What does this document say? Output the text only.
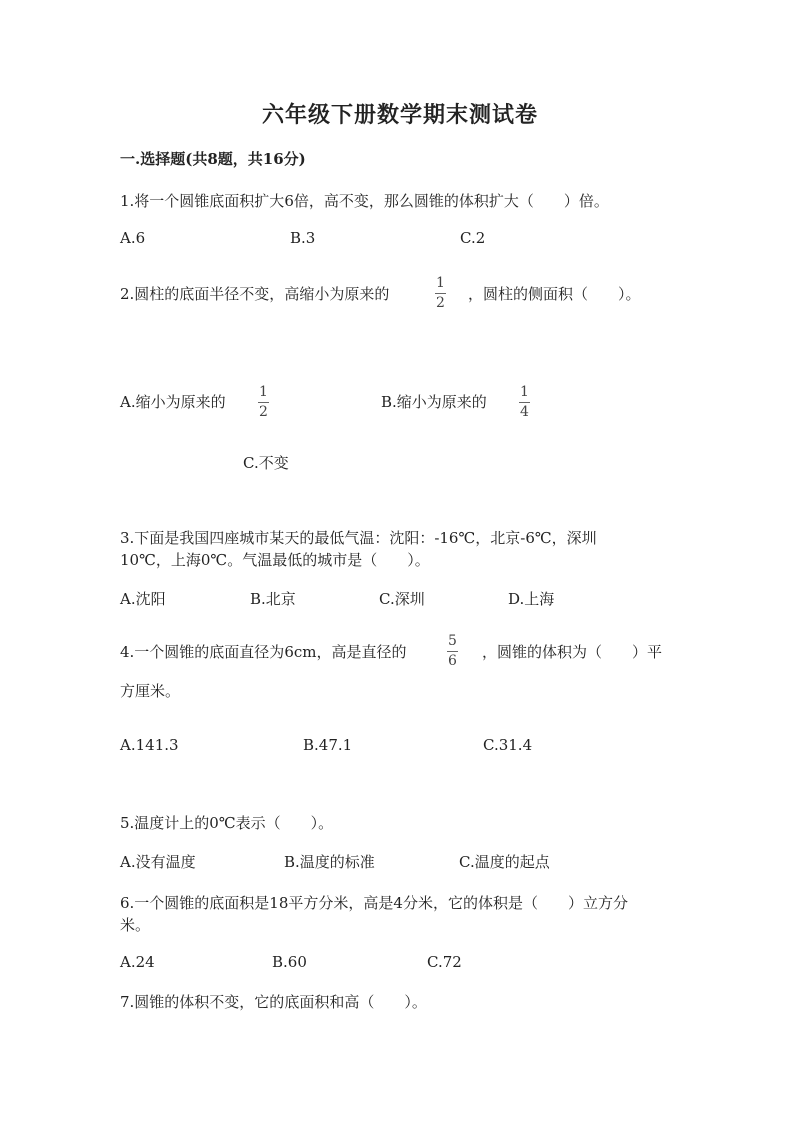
六年级下册数学期末测试卷
一.选择题(共8题，共16分)
1.将一个圆锥底面积扩大6倍，高不变，那么圆锥的体积扩大（　　）倍。
A.6	B.3	C.2
2.圆柱的底面半径不变，高缩小为原来的
1
2 ，圆柱的侧面积（　　）。
A.缩小为原来的
1
2
B.缩小为原来的
1
4
C.不变
3.下面是我国四座城市某天的最低气温：沈阳：-16℃，北京-6℃，深圳
10℃，上海0℃。气温最低的城市是（　　）。
A.沈阳	B.北京	C.深圳	D.上海
4.一个圆锥的底面直径为6cm，高是直径的
5
6 ，圆锥的体积为（　　）平
方厘米。
A.141.3	B.47.1	C.31.4
5.温度计上的0℃表示（　　）。
A.没有温度	B.温度的标准	C.温度的起点
6.一个圆锥的底面积是18平方分米，高是4分米，它的体积是（　　）立方分
米。
A.24	B.60	C.72
7.圆锥的体积不变，它的底面积和高（　　）。
